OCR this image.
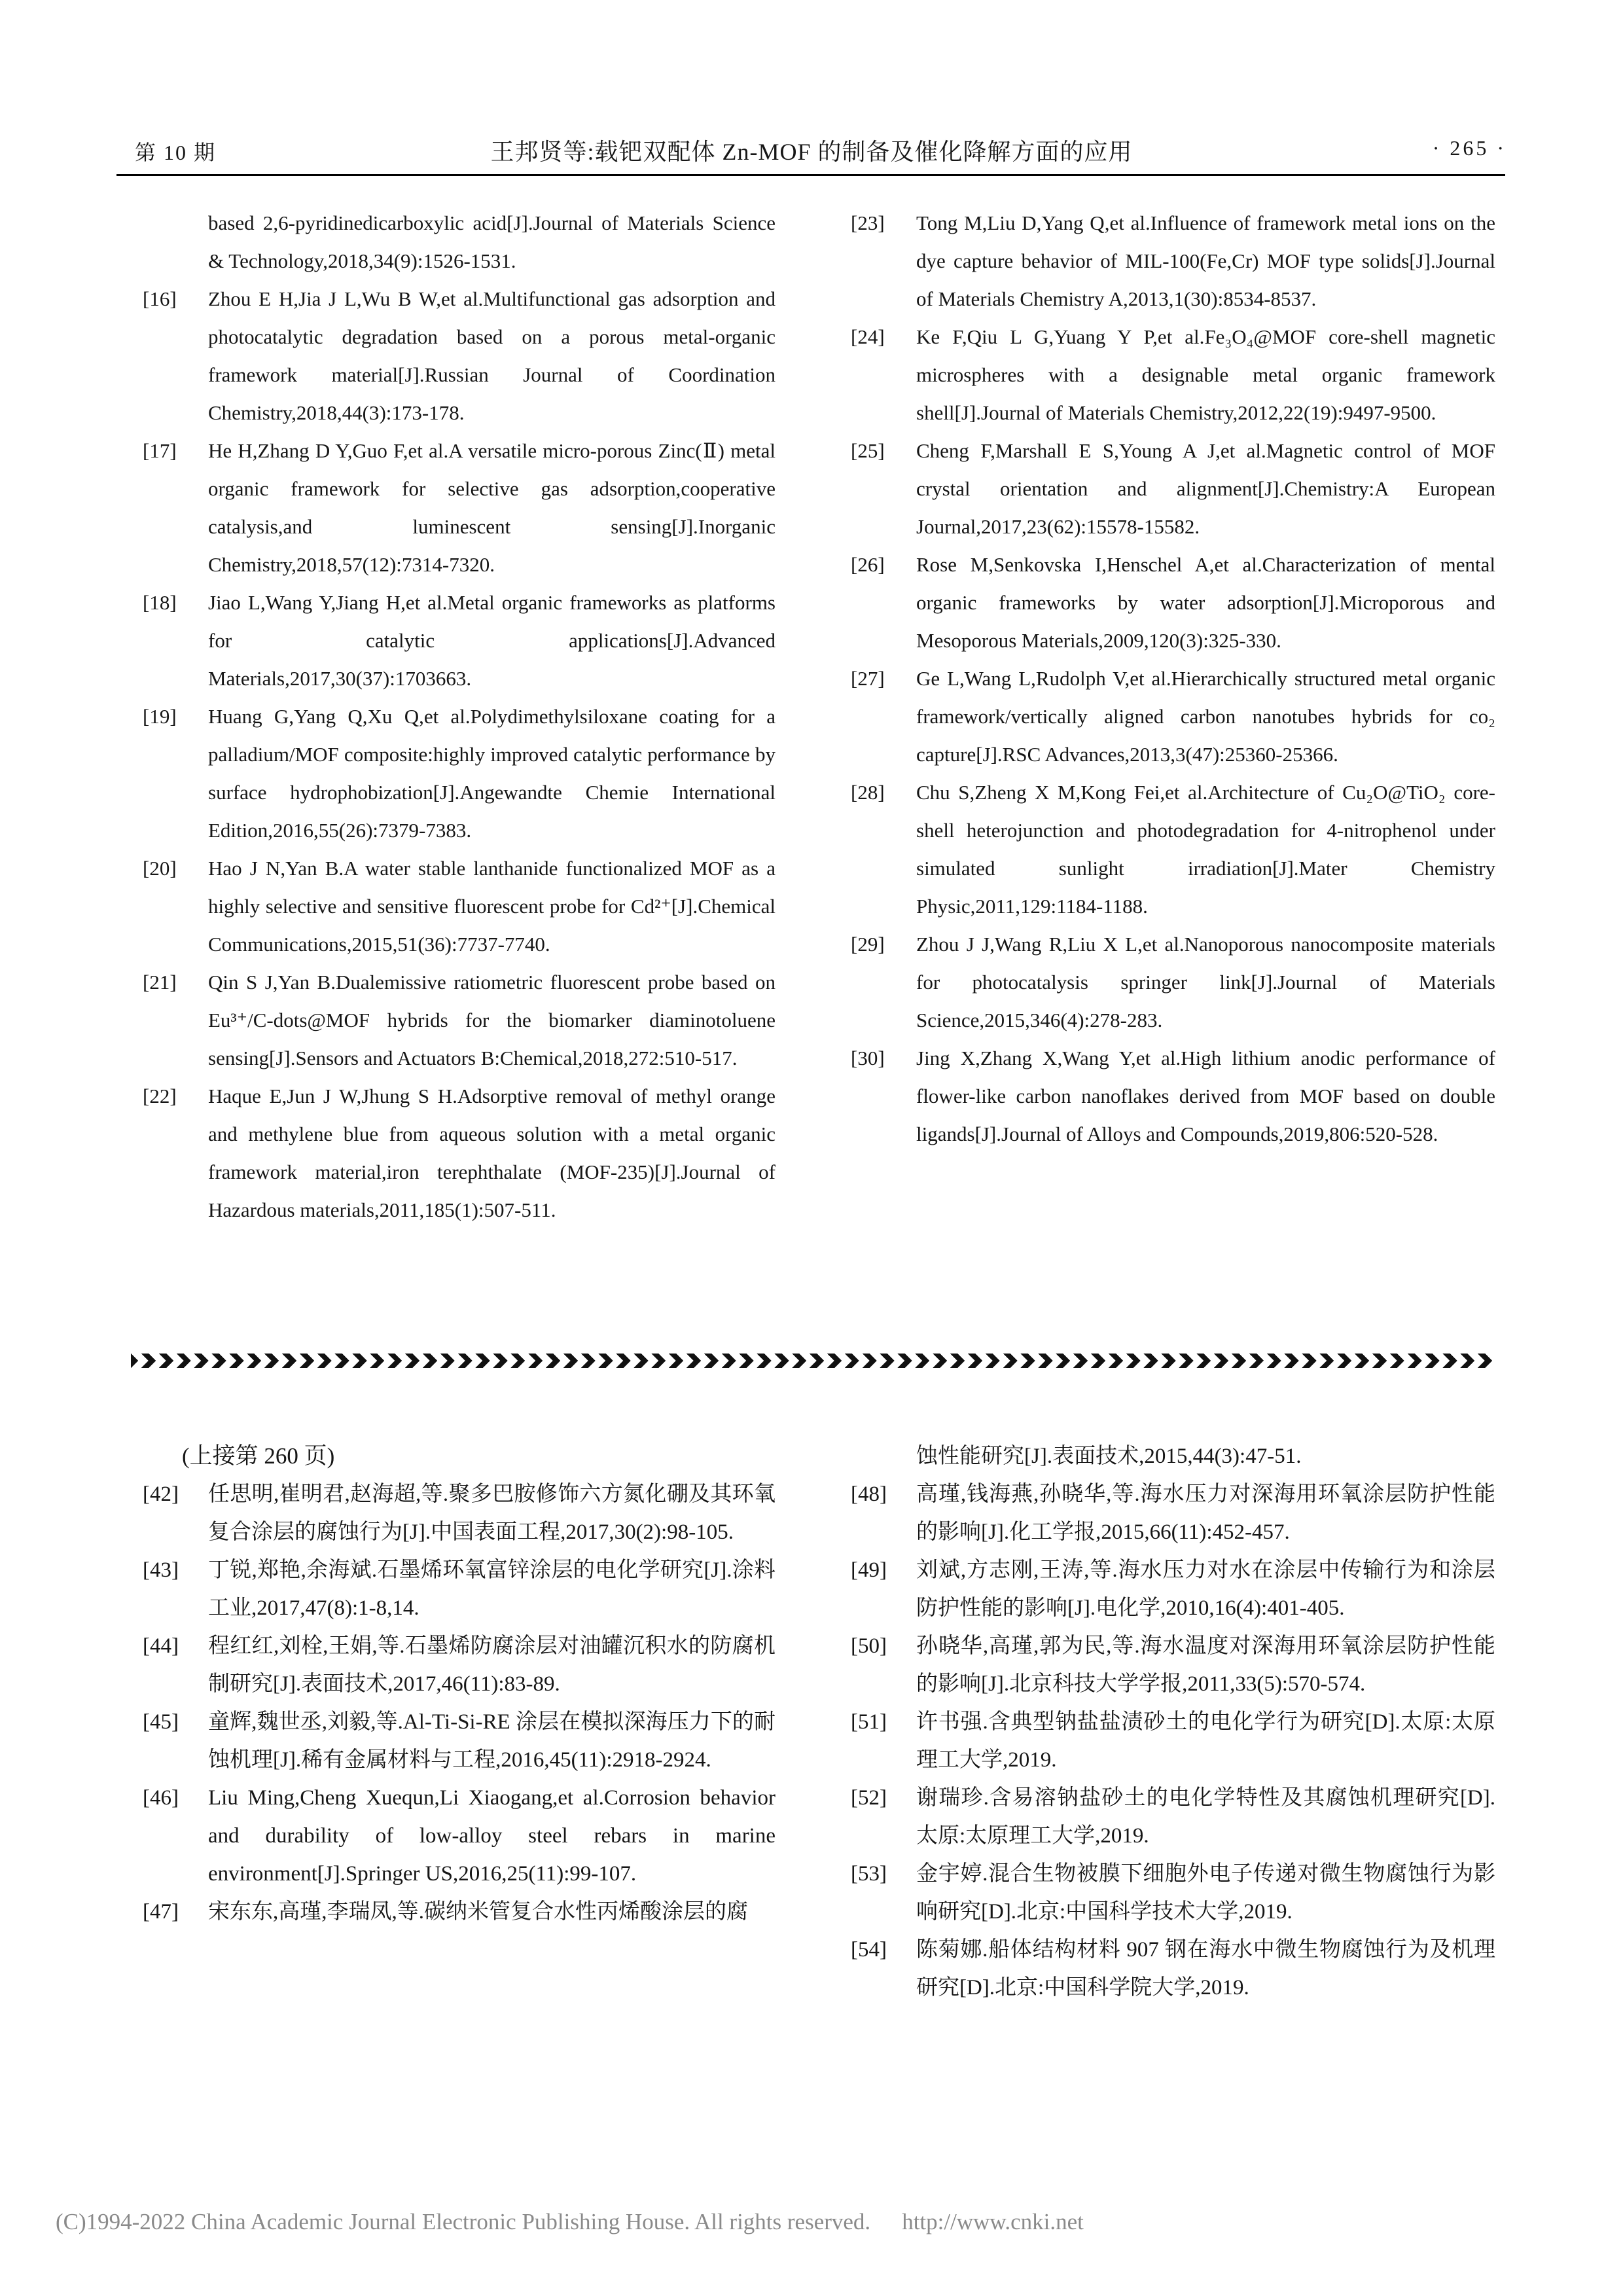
第 10 期	王邦贤等:载钯双配体 Zn-MOF 的制备及催化降解方面的应用	· 265 ·
based 2,6-pyridinedicarboxylic acid[J].Journal of Materials Science & Technology,2018,34(9):1526-1531.
[16] Zhou E H,Jia J L,Wu B W,et al.Multifunctional gas adsorption and photocatalytic degradation based on a porous metal-organic framework material[J].Russian Journal of Coordination Chemistry,2018,44(3):173-178.
[17] He H,Zhang D Y,Guo F,et al.A versatile micro-porous Zinc(Ⅱ) metal organic framework for selective gas adsorption,cooperative catalysis,and luminescent sensing[J].Inorganic Chemistry,2018,57(12):7314-7320.
[18] Jiao L,Wang Y,Jiang H,et al.Metal organic frameworks as platforms for catalytic applications[J].Advanced Materials,2017,30(37):1703663.
[19] Huang G,Yang Q,Xu Q,et al.Polydimethylsiloxane coating for a palladium/MOF composite:highly improved catalytic performance by surface hydrophobization[J].Angewandte Chemie International Edition,2016,55(26):7379-7383.
[20] Hao J N,Yan B.A water stable lanthanide functionalized MOF as a highly selective and sensitive fluorescent probe for Cd²⁺[J].Chemical Communications,2015,51(36):7737-7740.
[21] Qin S J,Yan B.Dualemissive ratiometric fluorescent probe based on Eu³⁺/C-dots@MOF hybrids for the biomarker diaminotoluene sensing[J].Sensors and Actuators B:Chemical,2018,272:510-517.
[22] Haque E,Jun J W,Jhung S H.Adsorptive removal of methyl orange and methylene blue from aqueous solution with a metal organic framework material,iron terephthalate (MOF-235)[J].Journal of Hazardous materials,2011,185(1):507-511.
[23] Tong M,Liu D,Yang Q,et al.Influence of framework metal ions on the dye capture behavior of MIL-100(Fe,Cr) MOF type solids[J].Journal of Materials Chemistry A,2013,1(30):8534-8537.
[24] Ke F,Qiu L G,Yuang Y P,et al.Fe₃O₄@MOF core-shell magnetic microspheres with a designable metal organic framework shell[J].Journal of Materials Chemistry,2012,22(19):9497-9500.
[25] Cheng F,Marshall E S,Young A J,et al.Magnetic control of MOF crystal orientation and alignment[J].Chemistry:A European Journal,2017,23(62):15578-15582.
[26] Rose M,Senkovska I,Henschel A,et al.Characterization of mental organic frameworks by water adsorption[J].Microporous and Mesoporous Materials,2009,120(3):325-330.
[27] Ge L,Wang L,Rudolph V,et al.Hierarchically structured metal organic framework/vertically aligned carbon nanotubes hybrids for co₂ capture[J].RSC Advances,2013,3(47):25360-25366.
[28] Chu S,Zheng X M,Kong Fei,et al.Architecture of Cu₂O@TiO₂ core-shell heterojunction and photodegradation for 4-nitrophenol under simulated sunlight irradiation[J].Mater Chemistry Physic,2011,129:1184-1188.
[29] Zhou J J,Wang R,Liu X L,et al.Nanoporous nanocomposite materials for photocatalysis springer link[J].Journal of Materials Science,2015,346(4):278-283.
[30] Jing X,Zhang X,Wang Y,et al.High lithium anodic performance of flower-like carbon nanoflakes derived from MOF based on double ligands[J].Journal of Alloys and Compounds,2019,806:520-528.
(上接第 260 页)
[42] 任思明,崔明君,赵海超,等.聚多巴胺修饰六方氮化硼及其环氧复合涂层的腐蚀行为[J].中国表面工程,2017,30(2):98-105.
[43] 丁锐,郑艳,余海斌.石墨烯环氧富锌涂层的电化学研究[J].涂料工业,2017,47(8):1-8,14.
[44] 程红红,刘栓,王娟,等.石墨烯防腐涂层对油罐沉积水的防腐机制研究[J].表面技术,2017,46(11):83-89.
[45] 童辉,魏世丞,刘毅,等.Al-Ti-Si-RE 涂层在模拟深海压力下的耐蚀机理[J].稀有金属材料与工程,2016,45(11):2918-2924.
[46] Liu Ming,Cheng Xuequn,Li Xiaogang,et al.Corrosion behavior and durability of low-alloy steel rebars in marine environment[J].Springer US,2016,25(11):99-107.
[47] 宋东东,高瑾,李瑞凤,等.碳纳米管复合水性丙烯酸涂层的腐
蚀性能研究[J].表面技术,2015,44(3):47-51.
[48] 高瑾,钱海燕,孙晓华,等.海水压力对深海用环氧涂层防护性能的影响[J].化工学报,2015,66(11):452-457.
[49] 刘斌,方志刚,王涛,等.海水压力对水在涂层中传输行为和涂层防护性能的影响[J].电化学,2010,16(4):401-405.
[50] 孙晓华,高瑾,郭为民,等.海水温度对深海用环氧涂层防护性能的影响[J].北京科技大学学报,2011,33(5):570-574.
[51] 许书强.含典型钠盐盐渍砂土的电化学行为研究[D].太原:太原理工大学,2019.
[52] 谢瑞珍.含易溶钠盐砂土的电化学特性及其腐蚀机理研究[D].太原:太原理工大学,2019.
[53] 金宇婷.混合生物被膜下细胞外电子传递对微生物腐蚀行为影响研究[D].北京:中国科学技术大学,2019.
[54] 陈菊娜.船体结构材料 907 钢在海水中微生物腐蚀行为及机理研究[D].北京:中国科学院大学,2019.
(C)1994-2022 China Academic Journal Electronic Publishing House. All rights reserved. http://www.cnki.net
